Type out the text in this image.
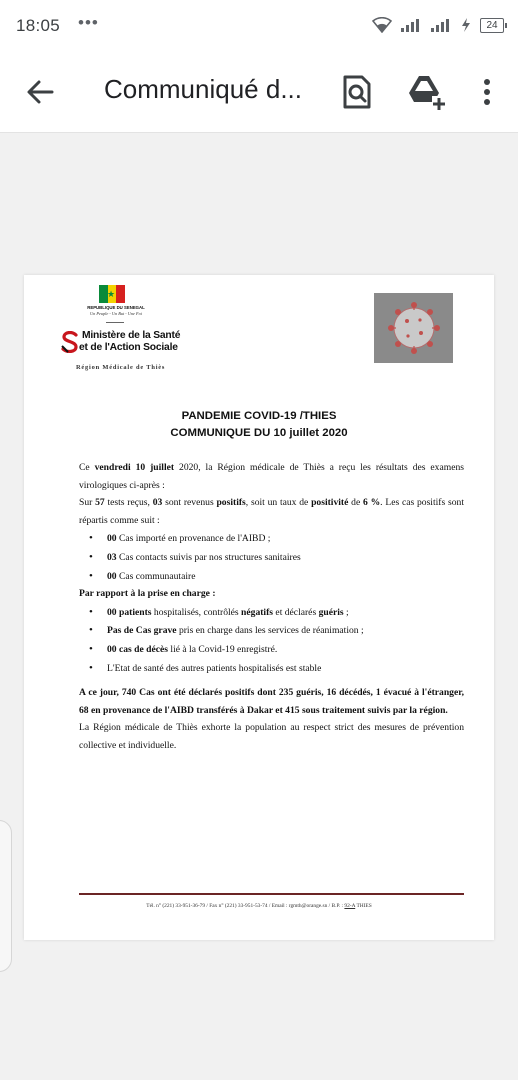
18:05 •••	24
Communiqué d...
★
REPUBLIQUE DU SENEGAL
Un Peuple - Un But - Une Foi
Ministère de la Santé
et de l'Action Sociale
Région Médicale de Thiès
PANDEMIE COVID-19 /THIES
COMMUNIQUE DU 10 juillet 2020

Ce vendredi 10 juillet 2020, la Région médicale de Thiès a reçu les résultats des examens virologiques ci-après :

Sur 57 tests reçus, 03 sont revenus positifs, soit un taux de positivité de 6 %. Les cas positifs sont répartis comme suit :

• 00 Cas importé en provenance de l'AIBD ;
• 03 Cas contacts suivis par nos structures sanitaires
• 00 Cas communautaire

Par rapport à la prise en charge :

• 00 patients hospitalisés, contrôlés négatifs et déclarés guéris ;
• Pas de Cas grave pris en charge dans les services de réanimation ;
• 00 cas de décès lié à la Covid-19 enregistré.
• L'Etat de santé des autres patients hospitalisés est stable

A ce jour, 740 Cas ont été déclarés positifs dont 235 guéris, 16 décédés, 1 évacué à l'étranger, 68 en provenance de l'AIBD transférés à Dakar et 415 sous traitement suivis par la région.

La Région médicale de Thiès exhorte la population au respect strict des mesures de prévention collective et individuelle.

Tél. n° (221) 33-951-36-79 / Fax n° (221) 33-951-53-74 / Email : rgmth@orange.sn / B.P. : 92-A THIES
